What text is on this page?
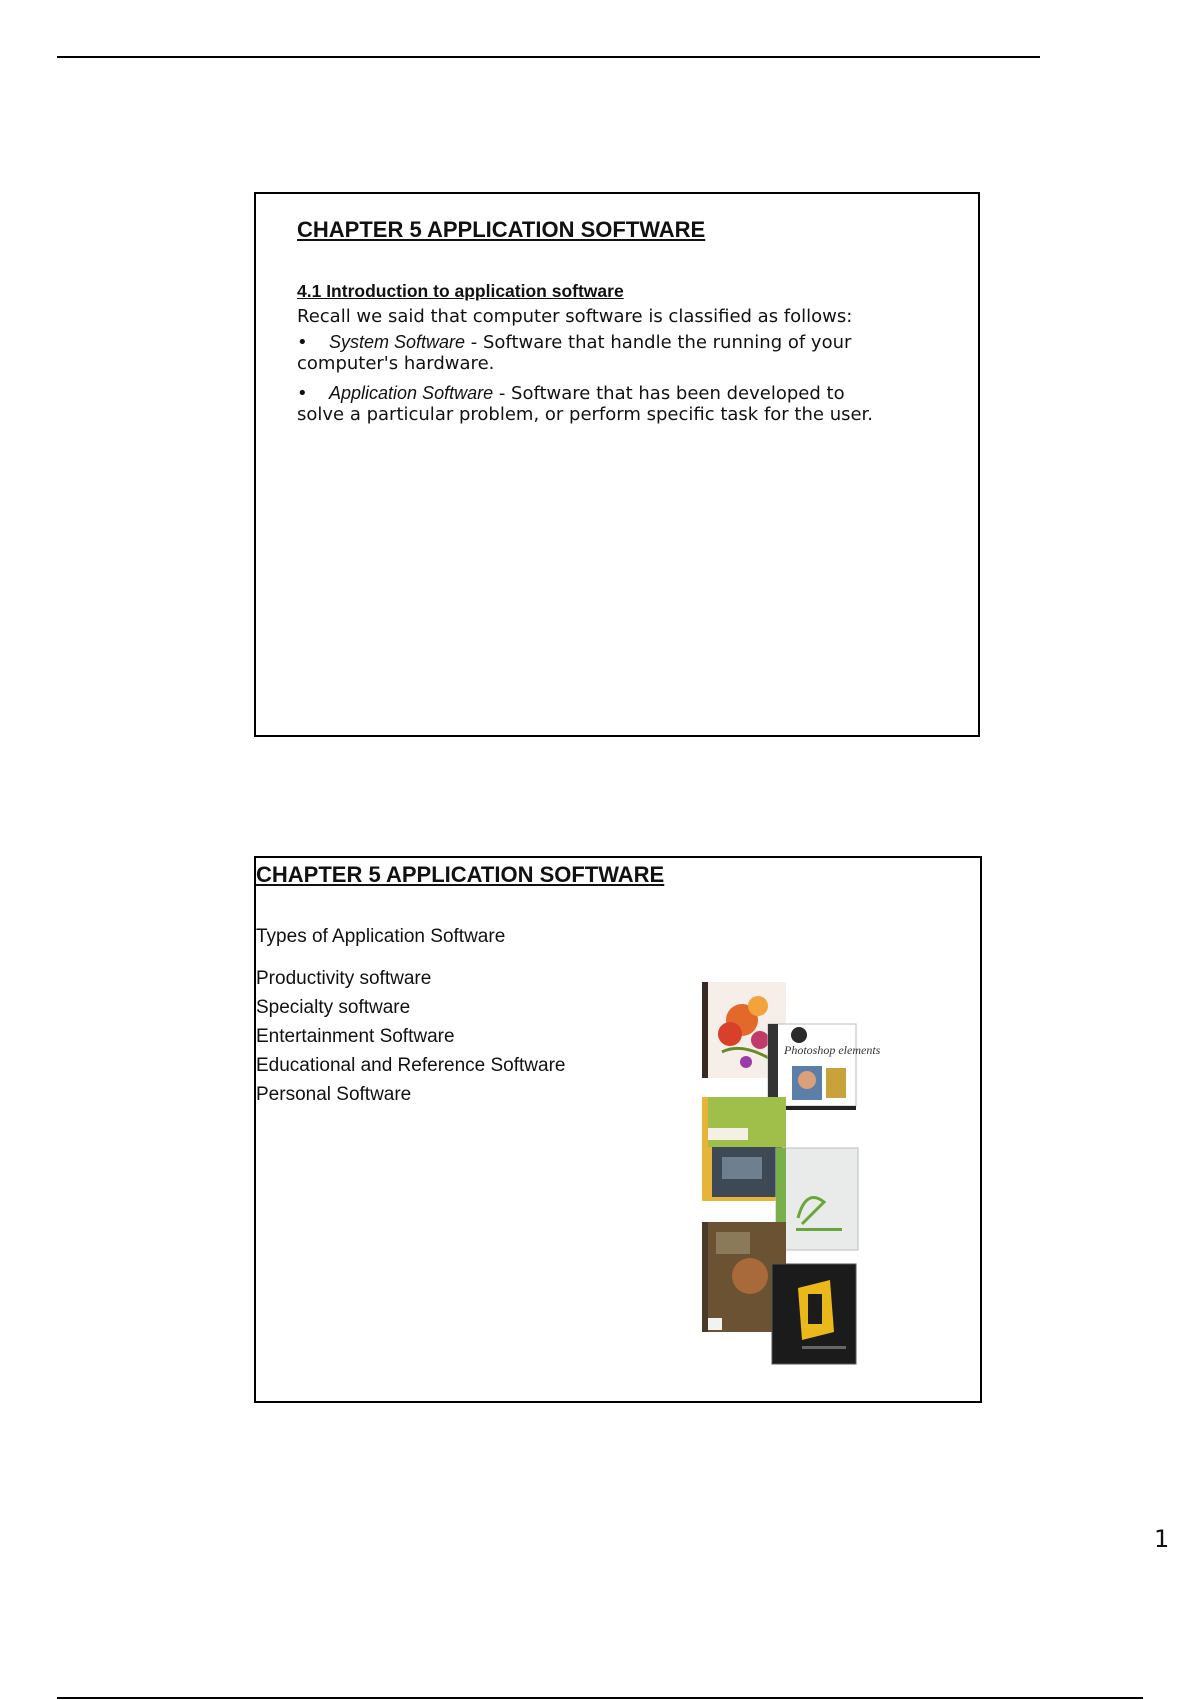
CHAPTER 5 APPLICATION SOFTWARE
4.1 Introduction to application software
Recall we said that computer software is classified as follows:
• System Software - Software that handle the running of your computer's hardware.
• Application Software - Software that has been developed to solve a particular problem, or perform specific task for the user.
CHAPTER 5 APPLICATION SOFTWARE
Types of Application Software
Productivity software
Specialty software
Entertainment Software
Educational and Reference Software
Personal Software
Photoshop elements
1
